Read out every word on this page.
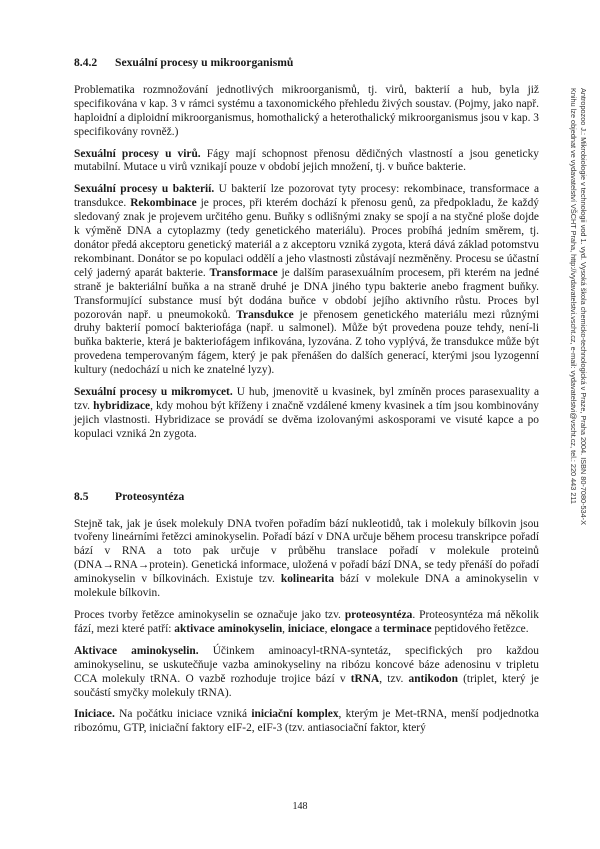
8.4.2 Sexuální procesy u mikroorganismů

Problematika rozmnožování jednotlivých mikroorganismů, tj. virů, bakterií a hub, byla již specifikována v kap. 3 v rámci systému a taxonomického přehledu živých soustav. (Pojmy, jako např. haploidní a diploidní mikroorganismus, homothalický a heterothalický mikroorganismus jsou v kap. 3 specifikovány rovněž.)

Sexuální procesy u virů. Fágy mají schopnost přenosu dědičných vlastností a jsou geneticky mutabilní. Mutace u virů vznikají pouze v období jejich množení, tj. v buňce bakterie.

Sexuální procesy u bakterií. U bakterií lze pozorovat tyty procesy: rekombinace, transformace a transdukce. Rekombinace je proces, při kterém dochází k přenosu genů, za předpokladu, že každý sledovaný znak je projevem určitého genu. Buňky s odlišnými znaky se spojí a na styčné ploše dojde k výměně DNA a cytoplazmy (tedy genetického materiálu). Proces probíhá jedním směrem, tj. donátor předá akceptoru genetický materiál a z akceptoru vzniká zygota, která dává základ potomstvu rekombinant. Donátor se po kopulaci oddělí a jeho vlastnosti zůstávají nezměněny. Procesu se účastní celý jaderný aparát bakterie. Transformace je dalším parasexuálním procesem, při kterém na jedné straně je bakteriální buňka a na straně druhé je DNA jiného typu bakterie anebo fragment buňky. Transformující substance musí být dodána buňce v období jejího aktivního růstu. Proces byl pozorován např. u pneumokoků. Transdukce je přenosem genetického materiálu mezi různými druhy bakterií pomocí bakteriofága (např. u salmonel). Může být provedena pouze tehdy, není-li buňka bakterie, která je bakteriofágem infikována, lyzována. Z toho vyplývá, že transdukce může být provedena temperovaným fágem, který je pak přenášen do dalších generací, kterými jsou lyzogenní kultury (nedochází u nich ke znatelné lyzy).

Sexuální procesy u mikromycet. U hub, jmenovitě u kvasinek, byl zmíněn proces parasexuality a tzv. hybridizace, kdy mohou být kříženy i značně vzdálené kmeny kvasinek a tím jsou kombinovány jejich vlastnosti. Hybridizace se provádí se dvěma izolovanými askosporami ve visuté kapce a po kopulaci vzniká 2n zygota.

8.5 Proteosyntéza

Stejně tak, jak je úsek molekuly DNA tvořen pořadím bází nukleotidů, tak i molekuly bílkovin jsou tvořeny lineárními řetězci aminokyselin. Pořadí bází v DNA určuje během procesu transkripce pořadí bází v RNA a toto pak určuje v průběhu translace pořadí v molekule proteinů (DNA→RNA→protein). Genetická informace, uložená v pořadí bází DNA, se tedy přenáší do pořadí aminokyselin v bílkovinách. Existuje tzv. kolinearita bází v molekule DNA a aminokyselin v molekule bílkovin.

Proces tvorby řetězce aminokyselin se označuje jako tzv. proteosyntéza. Proteosyntéza má několik fází, mezi které patří: aktivace aminokyselin, iniciace, elongace a terminace peptidového řetězce.

Aktivace aminokyselin. Účinkem aminoacyl-tRNA-syntetáz, specifických pro každou aminokyselinu, se uskutečňuje vazba aminokyseliny na ribózu koncové báze adenosinu v tripletu CCA molekuly tRNA. O vazbě rozhoduje trojice bází v tRNA, tzv. antikodon (triplet, který je součástí smyčky molekuly tRNA).

Iniciace. Na počátku iniciace vzniká iniciační komplex, kterým je Met-tRNA, menší podjednotka ribozómu, GTP, iniciační faktory eIF-2, eIF-3 (tzv. antiasociační faktor, který

Antropozoo J.: Mikrobiologie v technologii vod 1. vyd. Vysoká škola chemicko-technologická v Praze, Praha 2004. ISBN 80-7080-534-X
Knihu lze objednat ve vydavatelství VŠCHT Praha, http://vydavatelstvi.vscht.cz, e-mail: vydavatelstvi@vscht.cz, tel.: 220 443 211
148
